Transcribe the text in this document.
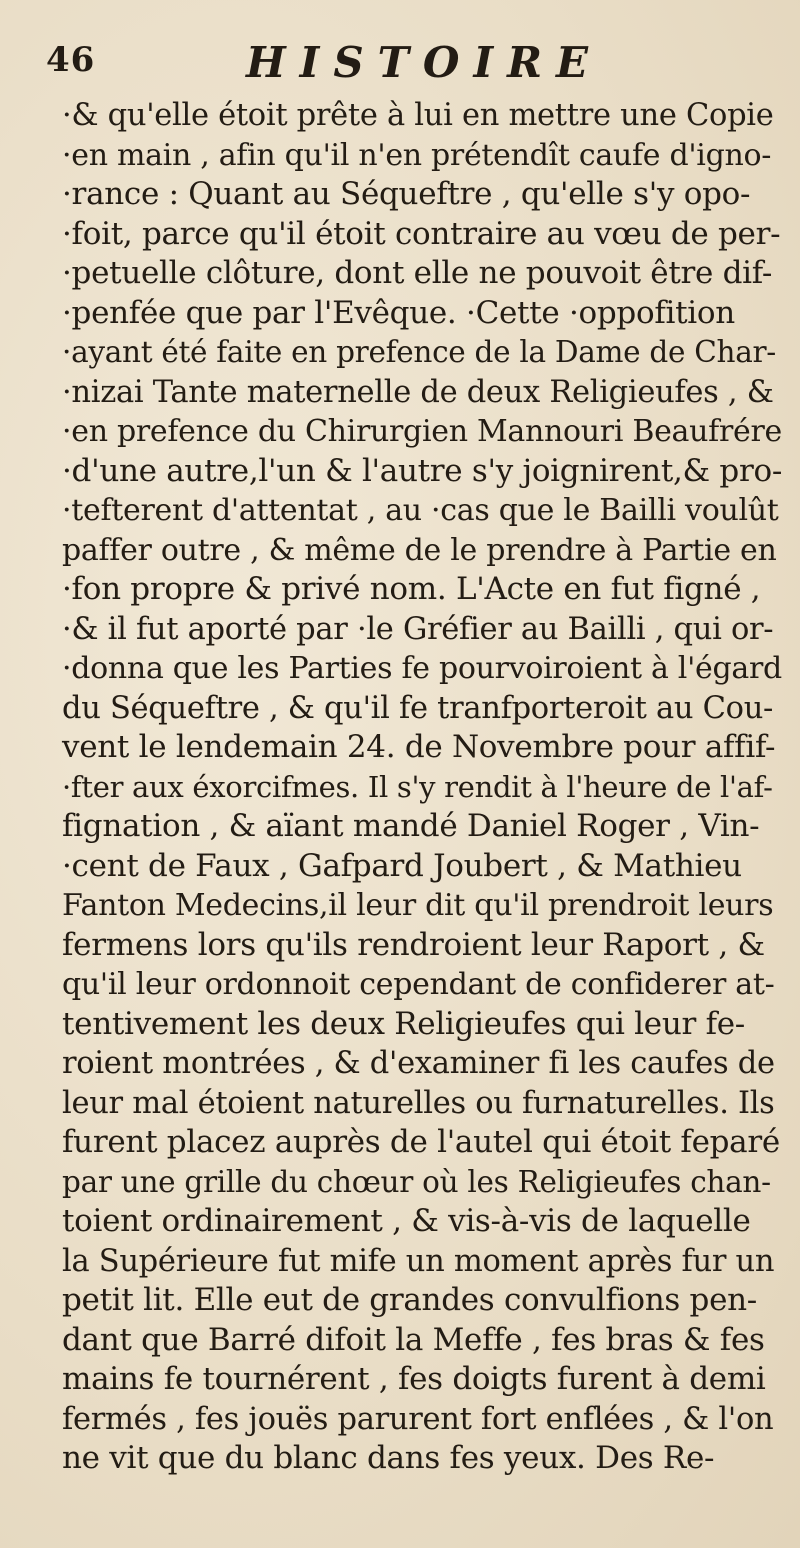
46	HISTOIRE
·& qu'elle étoit prête à lui en mettre une Copie
·en main , afin qu'il n'en prétendît caufe d'igno-
·rance : Quant au Séqueftre , qu'elle s'y opo-
·foit, parce qu'il étoit contraire au vœu de per-
·petuelle clôture, dont elle ne pouvoit être dif-
·penfée que par l'Evêque. ·Cette ·oppofition
·ayant été faite en prefence de la Dame de Char-
·nizai Tante maternelle de deux Religieufes , &
·en prefence du Chirurgien Mannouri Beaufrére
·d'une autre,l'un & l'autre s'y joignirent,& pro-
·tefterent d'attentat , au ·cas que le Bailli voulût
paffer outre , & même de le prendre à Partie en
·fon propre & privé nom. L'Acte en fut figné ,
·& il fut aporté par ·le Gréfier au Bailli , qui or-
·donna que les Parties fe pourvoiroient à l'égard
du Séqueftre , & qu'il fe tranfporteroit au Cou-
vent le lendemain 24. de Novembre pour affif-
·fter aux éxorcifmes. Il s'y rendit à l'heure de l'af-
fignation , & aïant mandé Daniel Roger , Vin-
·cent de Faux , Gafpard Joubert , & Mathieu
Fanton Medecins,il leur dit qu'il prendroit leurs
fermens lors qu'ils rendroient leur Raport , &
qu'il leur ordonnoit cependant de confiderer at-
tentivement les deux Religieufes qui leur fe-
roient montrées , & d'examiner fi les caufes de
leur mal étoient naturelles ou furnaturelles. Ils
furent placez auprès de l'autel qui étoit feparé
par une grille du chœur où les Religieufes chan-
toient ordinairement , & vis-à-vis de laquelle
la Supérieure fut mife un moment après fur un
petit lit. Elle eut de grandes convulfions pen-
dant que Barré difoit la Meffe , fes bras & fes
mains fe tournérent , fes doigts furent à demi
fermés , fes jouës parurent fort enflées , & l'on
ne vit que du blanc dans fes yeux. Des Re-
